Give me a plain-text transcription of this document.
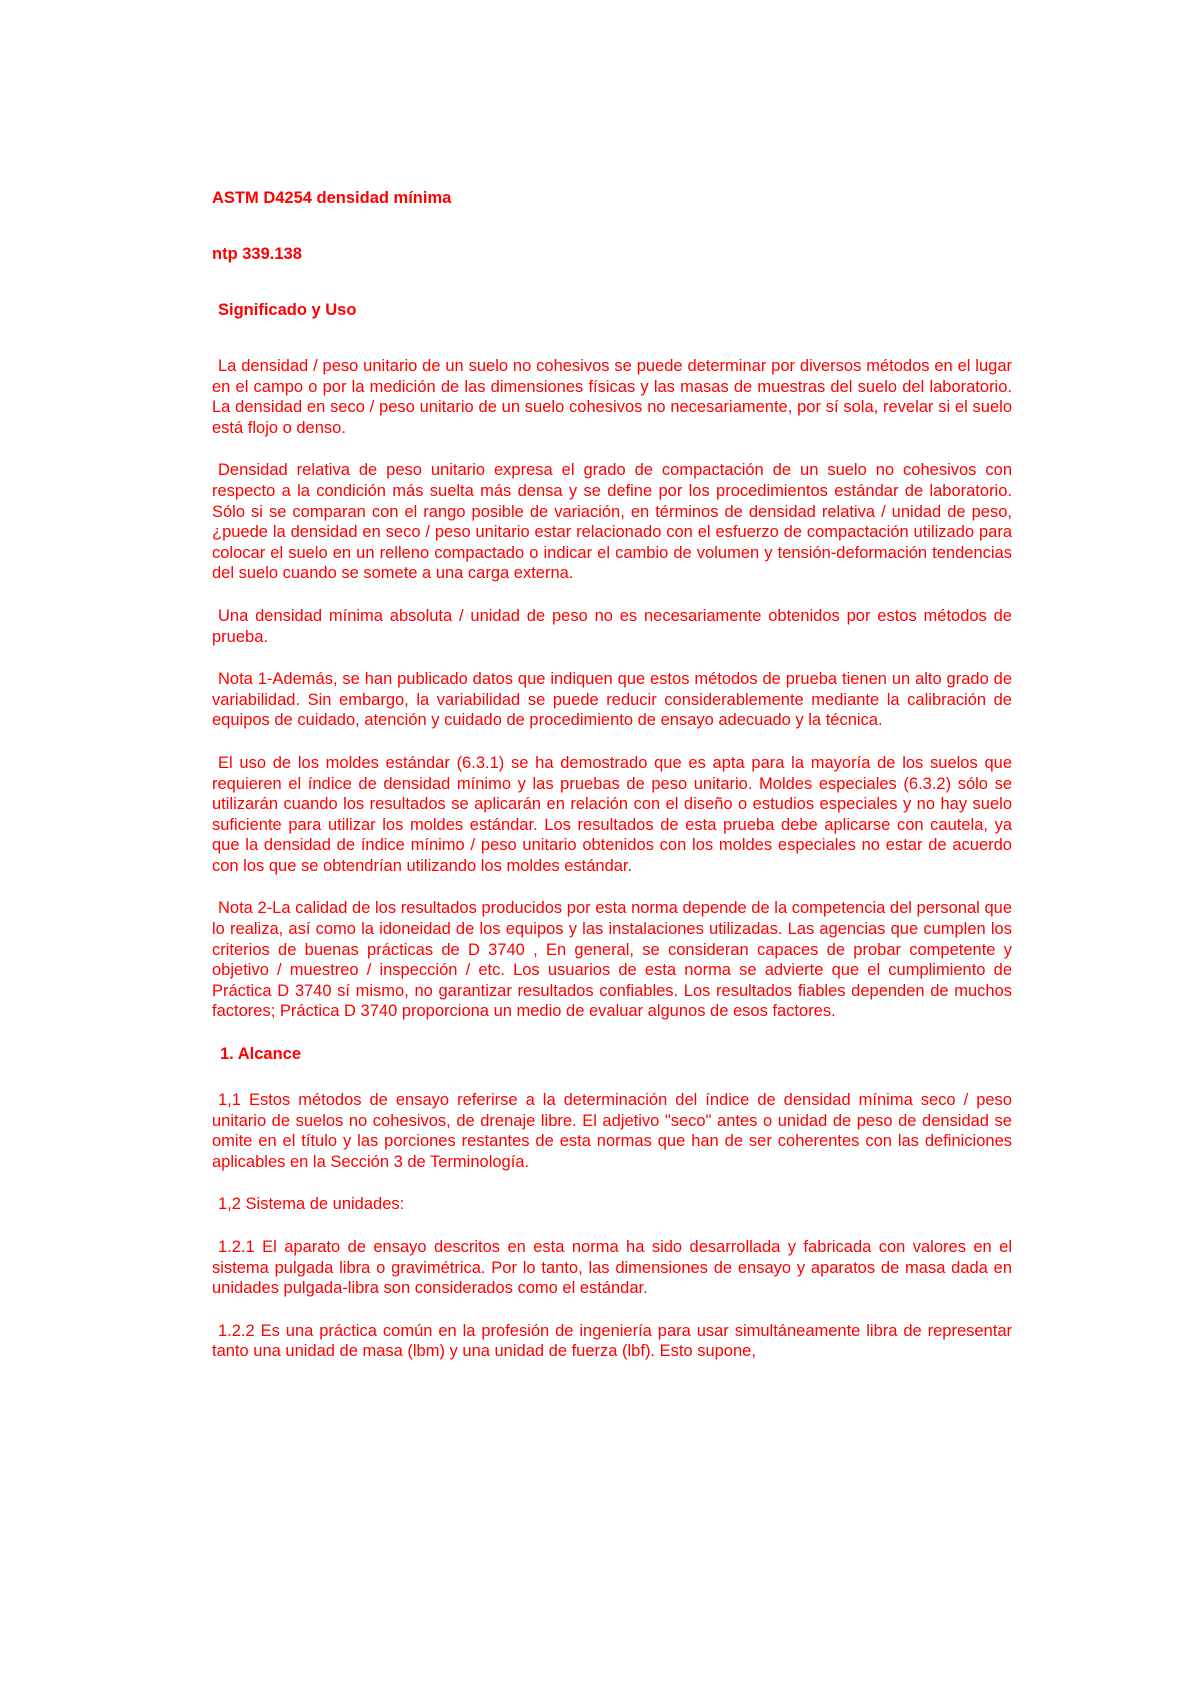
ASTM D4254 densidad mínima

ntp 339.138

Significado y Uso

La densidad / peso unitario de un suelo no cohesivos se puede determinar por diversos métodos en el lugar en el campo o por la medición de las dimensiones físicas y las masas de muestras del suelo del laboratorio. La densidad en seco / peso unitario de un suelo cohesivos no necesariamente, por sí sola, revelar si el suelo está flojo o denso.

Densidad relativa de peso unitario expresa el grado de compactación de un suelo no cohesivos con respecto a la condición más suelta más densa y se define por los procedimientos estándar de laboratorio. Sólo si se comparan con el rango posible de variación, en términos de densidad relativa / unidad de peso, ¿puede la densidad en seco / peso unitario estar relacionado con el esfuerzo de compactación utilizado para colocar el suelo en un relleno compactado o indicar el cambio de volumen y tensión-deformación tendencias del suelo cuando se somete a una carga externa.

Una densidad mínima absoluta / unidad de peso no es necesariamente obtenidos por estos métodos de prueba.

Nota 1-Además, se han publicado datos que indiquen que estos métodos de prueba tienen un alto grado de variabilidad. Sin embargo, la variabilidad se puede reducir considerablemente mediante la calibración de equipos de cuidado, atención y cuidado de procedimiento de ensayo adecuado y la técnica.

El uso de los moldes estándar (6.3.1) se ha demostrado que es apta para la mayoría de los suelos que requieren el índice de densidad mínimo y las pruebas de peso unitario. Moldes especiales (6.3.2) sólo se utilizarán cuando los resultados se aplicarán en relación con el diseño o estudios especiales y no hay suelo suficiente para utilizar los moldes estándar. Los resultados de esta prueba debe aplicarse con cautela, ya que la densidad de índice mínimo / peso unitario obtenidos con los moldes especiales no estar de acuerdo con los que se obtendrían utilizando los moldes estándar.

Nota 2-La calidad de los resultados producidos por esta norma depende de la competencia del personal que lo realiza, así como la idoneidad de los equipos y las instalaciones utilizadas. Las agencias que cumplen los criterios de buenas prácticas de D 3740 , En general, se consideran capaces de probar competente y objetivo / muestreo / inspección / etc. Los usuarios de esta norma se advierte que el cumplimiento de Práctica D 3740 sí mismo, no garantizar resultados confiables. Los resultados fiables dependen de muchos factores; Práctica D 3740 proporciona un medio de evaluar algunos de esos factores.

1. Alcance

1,1 Estos métodos de ensayo referirse a la determinación del índice de densidad mínima seco / peso unitario de suelos no cohesivos, de drenaje libre. El adjetivo "seco" antes o unidad de peso de densidad se omite en el título y las porciones restantes de esta normas que han de ser coherentes con las definiciones aplicables en la Sección 3 de Terminología.

1,2 Sistema de unidades:

1.2.1 El aparato de ensayo descritos en esta norma ha sido desarrollada y fabricada con valores en el sistema pulgada libra o gravimétrica. Por lo tanto, las dimensiones de ensayo y aparatos de masa dada en unidades pulgada-libra son considerados como el estándar.

1.2.2 Es una práctica común en la profesión de ingeniería para usar simultáneamente libra de representar tanto una unidad de masa (lbm) y una unidad de fuerza (lbf). Esto supone,
